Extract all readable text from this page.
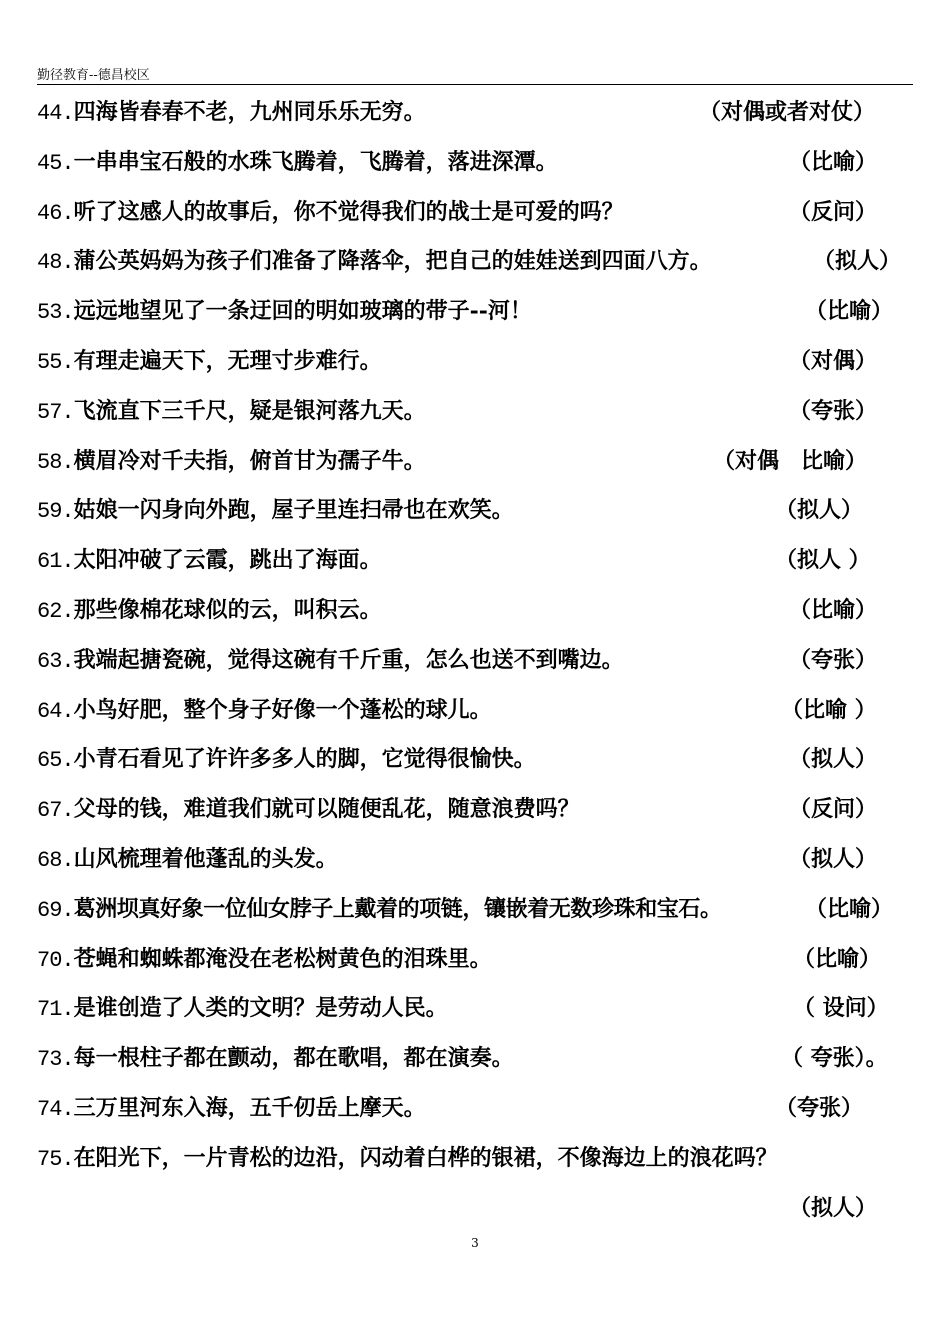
勤径教育--德昌校区
44.四海皆春春不老，九州同乐乐无穷。	（对偶或者对仗）
45.一串串宝石般的水珠飞腾着，飞腾着，落进深潭。	（比喻）
46.听了这感人的故事后，你不觉得我们的战士是可爱的吗？	（反问）
48.蒲公英妈妈为孩子们准备了降落伞，把自己的娃娃送到四面八方。	（拟人）
53.远远地望见了一条迂回的明如玻璃的带子--河！	（比喻）
55.有理走遍天下，无理寸步难行。	（对偶）
57.飞流直下三千尺，疑是银河落九天。	（夸张）
58.横眉冷对千夫指，俯首甘为孺子牛。	（对偶　比喻）
59.姑娘一闪身向外跑，屋子里连扫帚也在欢笑。	（拟人）
61.太阳冲破了云霞，跳出了海面。	（拟人 ）
62.那些像棉花球似的云，叫积云。	（比喻）
63.我端起搪瓷碗，觉得这碗有千斤重，怎么也送不到嘴边。	（夸张）
64.小鸟好肥，整个身子好像一个蓬松的球儿。	（比喻 ）
65.小青石看见了许许多多人的脚，它觉得很愉快。	（拟人）
67.父母的钱，难道我们就可以随便乱花，随意浪费吗？	（反问）
68.山风梳理着他蓬乱的头发。	（拟人）
69.葛洲坝真好象一位仙女脖子上戴着的项链，镶嵌着无数珍珠和宝石。	（比喻）
70.苍蝇和蜘蛛都淹没在老松树黄色的泪珠里。	（比喻）
71.是谁创造了人类的文明？是劳动人民。	（ 设问）
73.每一根柱子都在颤动，都在歌唱，都在演奏。	（ 夸张）。
74.三万里河东入海，五千仞岳上摩天。	（夸张）
75.在阳光下，一片青松的边沿，闪动着白桦的银裙，不像海边上的浪花吗？
（拟人）
3
